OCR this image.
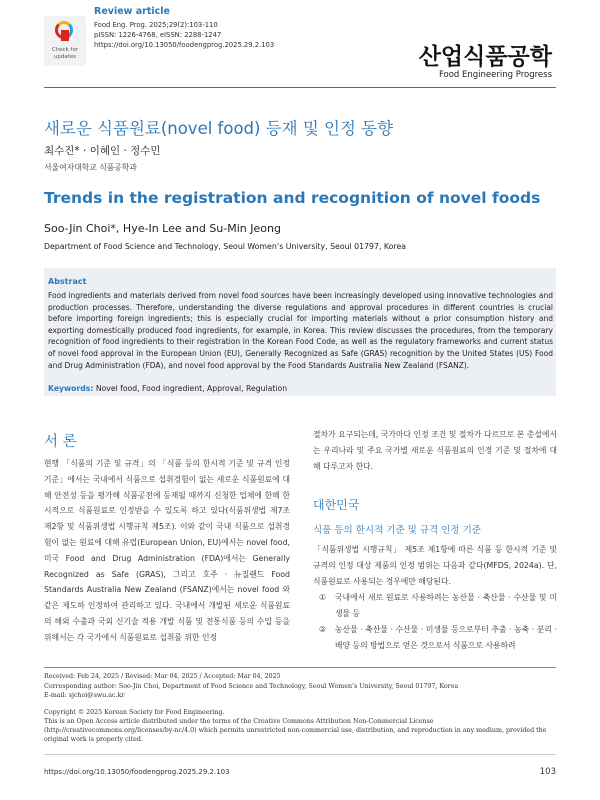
Check for
updates
Review article
Food Eng. Prog. 2025;29(2):103-110
pISSN: 1226-4768, eISSN: 2288-1247
https://doi.org/10.13050/foodengprog.2025.29.2.103	산업식품공학
Food Engineering Progress
새로운 식품원료(novel food) 등재 및 인정 동향
최수진* · 이혜인 · 정수민
서울여자대학교 식품공학과
Trends in the registration and recognition of novel foods
Soo-Jin Choi*, Hye-In Lee and Su-Min Jeong
Department of Food Science and Technology, Seoul Women’s University, Seoul 01797, Korea
Abstract
Food ingredients and materials derived from novel food sources have been increasingly developed using innovative technologies and production processes. Therefore, understanding the diverse regulations and approval procedures in different countries is crucial before importing foreign ingredients; this is especially crucial for importing materials without a prior consumption history and exporting domestically produced food ingredients, for example, in Korea. This review discusses the procedures, from the temporary recognition of food ingredients to their registration in the Korean Food Code, as well as the regulatory frameworks and current status of novel food approval in the European Union (EU), Generally Recognized as Safe (GRAS) recognition by the United States (US) Food and Drug Administration (FDA), and novel food approval by the Food Standards Australia New Zealand (FSANZ).
Keywords: Novel food, Food ingredient, Approval, Regulation
서 론
현행 「식품의 기준 및 규격」의 「식품 등의 한시적 기준 및 규격 인정 기준」에서는 국내에서 식품으로 섭취경험이 없는 새로운 식품원료에 대해 안전성 등을 평가해 식품공전에 등재될 때까지 신청한 업체에 한해 한시적으로 식품원료로 인정받을 수 있도록 하고 있다(식품위생법 제7조 제2항 및 식품위생법 시행규칙 제5조). 이와 같이 국내 식품으로 섭취경험이 없는 원료에 대해 유럽(European Union, EU)에서는 novel food, 미국 Food and Drug Administration (FDA)에서는 Generally Recognized as Safe (GRAS), 그리고 호주 · 뉴질랜드 Food Standards Australia New Zealand (FSANZ)에서는 novel food 와 같은 제도하 인정하여 관리하고 있다. 국내에서 개발된 새로운 식품원료의 해외 수출과 국외 신기술 적용 개발 식품 및 전통식품 등의 수입 등을 위해서는 각 국가에서 식품원료로 섭취를 위한 인정
절차가 요구되는데, 국가마다 인정 조건 및 절차가 다르므로 본 총설에서는 우리나라 및 주요 국가별 새로운 식품원료의 인정 기준 및 절차에 대해 다루고자 한다.
대한민국
식품 등의 한시적 기준 및 규격 인정 기준
「식품위생법 시행규칙」 제5조 제1항에 따른 식품 등 한시적 기준 및 규격의 인정 대상 제품의 인정 범위는 다음과 같다(MFDS, 2024a). 단, 식품원료로 사용되는 경우에만 해당된다.
① 국내에서 새로 원료로 사용하려는 농산물 · 축산물 · 수산물 및 미생물 등
② 농산물 · 축산물 · 수산물 · 미생물 등으로부터 추출 · 농축 · 분리 · 배양 등의 방법으로 얻은 것으로서 식품으로 사용하려
Received: Feb 24, 2025 / Revised: Mar 04, 2025 / Accepted: Mar 04, 2025
Corresponding author: Soo-Jin Choi, Department of Food Science and Technology, Seoul Women’s University, Seoul 01797, Korea
E-mail: sjchoi@swu.ac.kr
Copyright © 2025 Korean Society for Food Engineering.
This is an Open Access article distributed under the terms of the Creative Commons Attribution Non-Commercial License (http://creativecommons.org/licenses/by-nc/4.0) which permits unrestricted non-commercial use, distribution, and reproduction in any medium, provided the original work is properly cited.
https://doi.org/10.13050/foodengprog.2025.29.2.103	103
